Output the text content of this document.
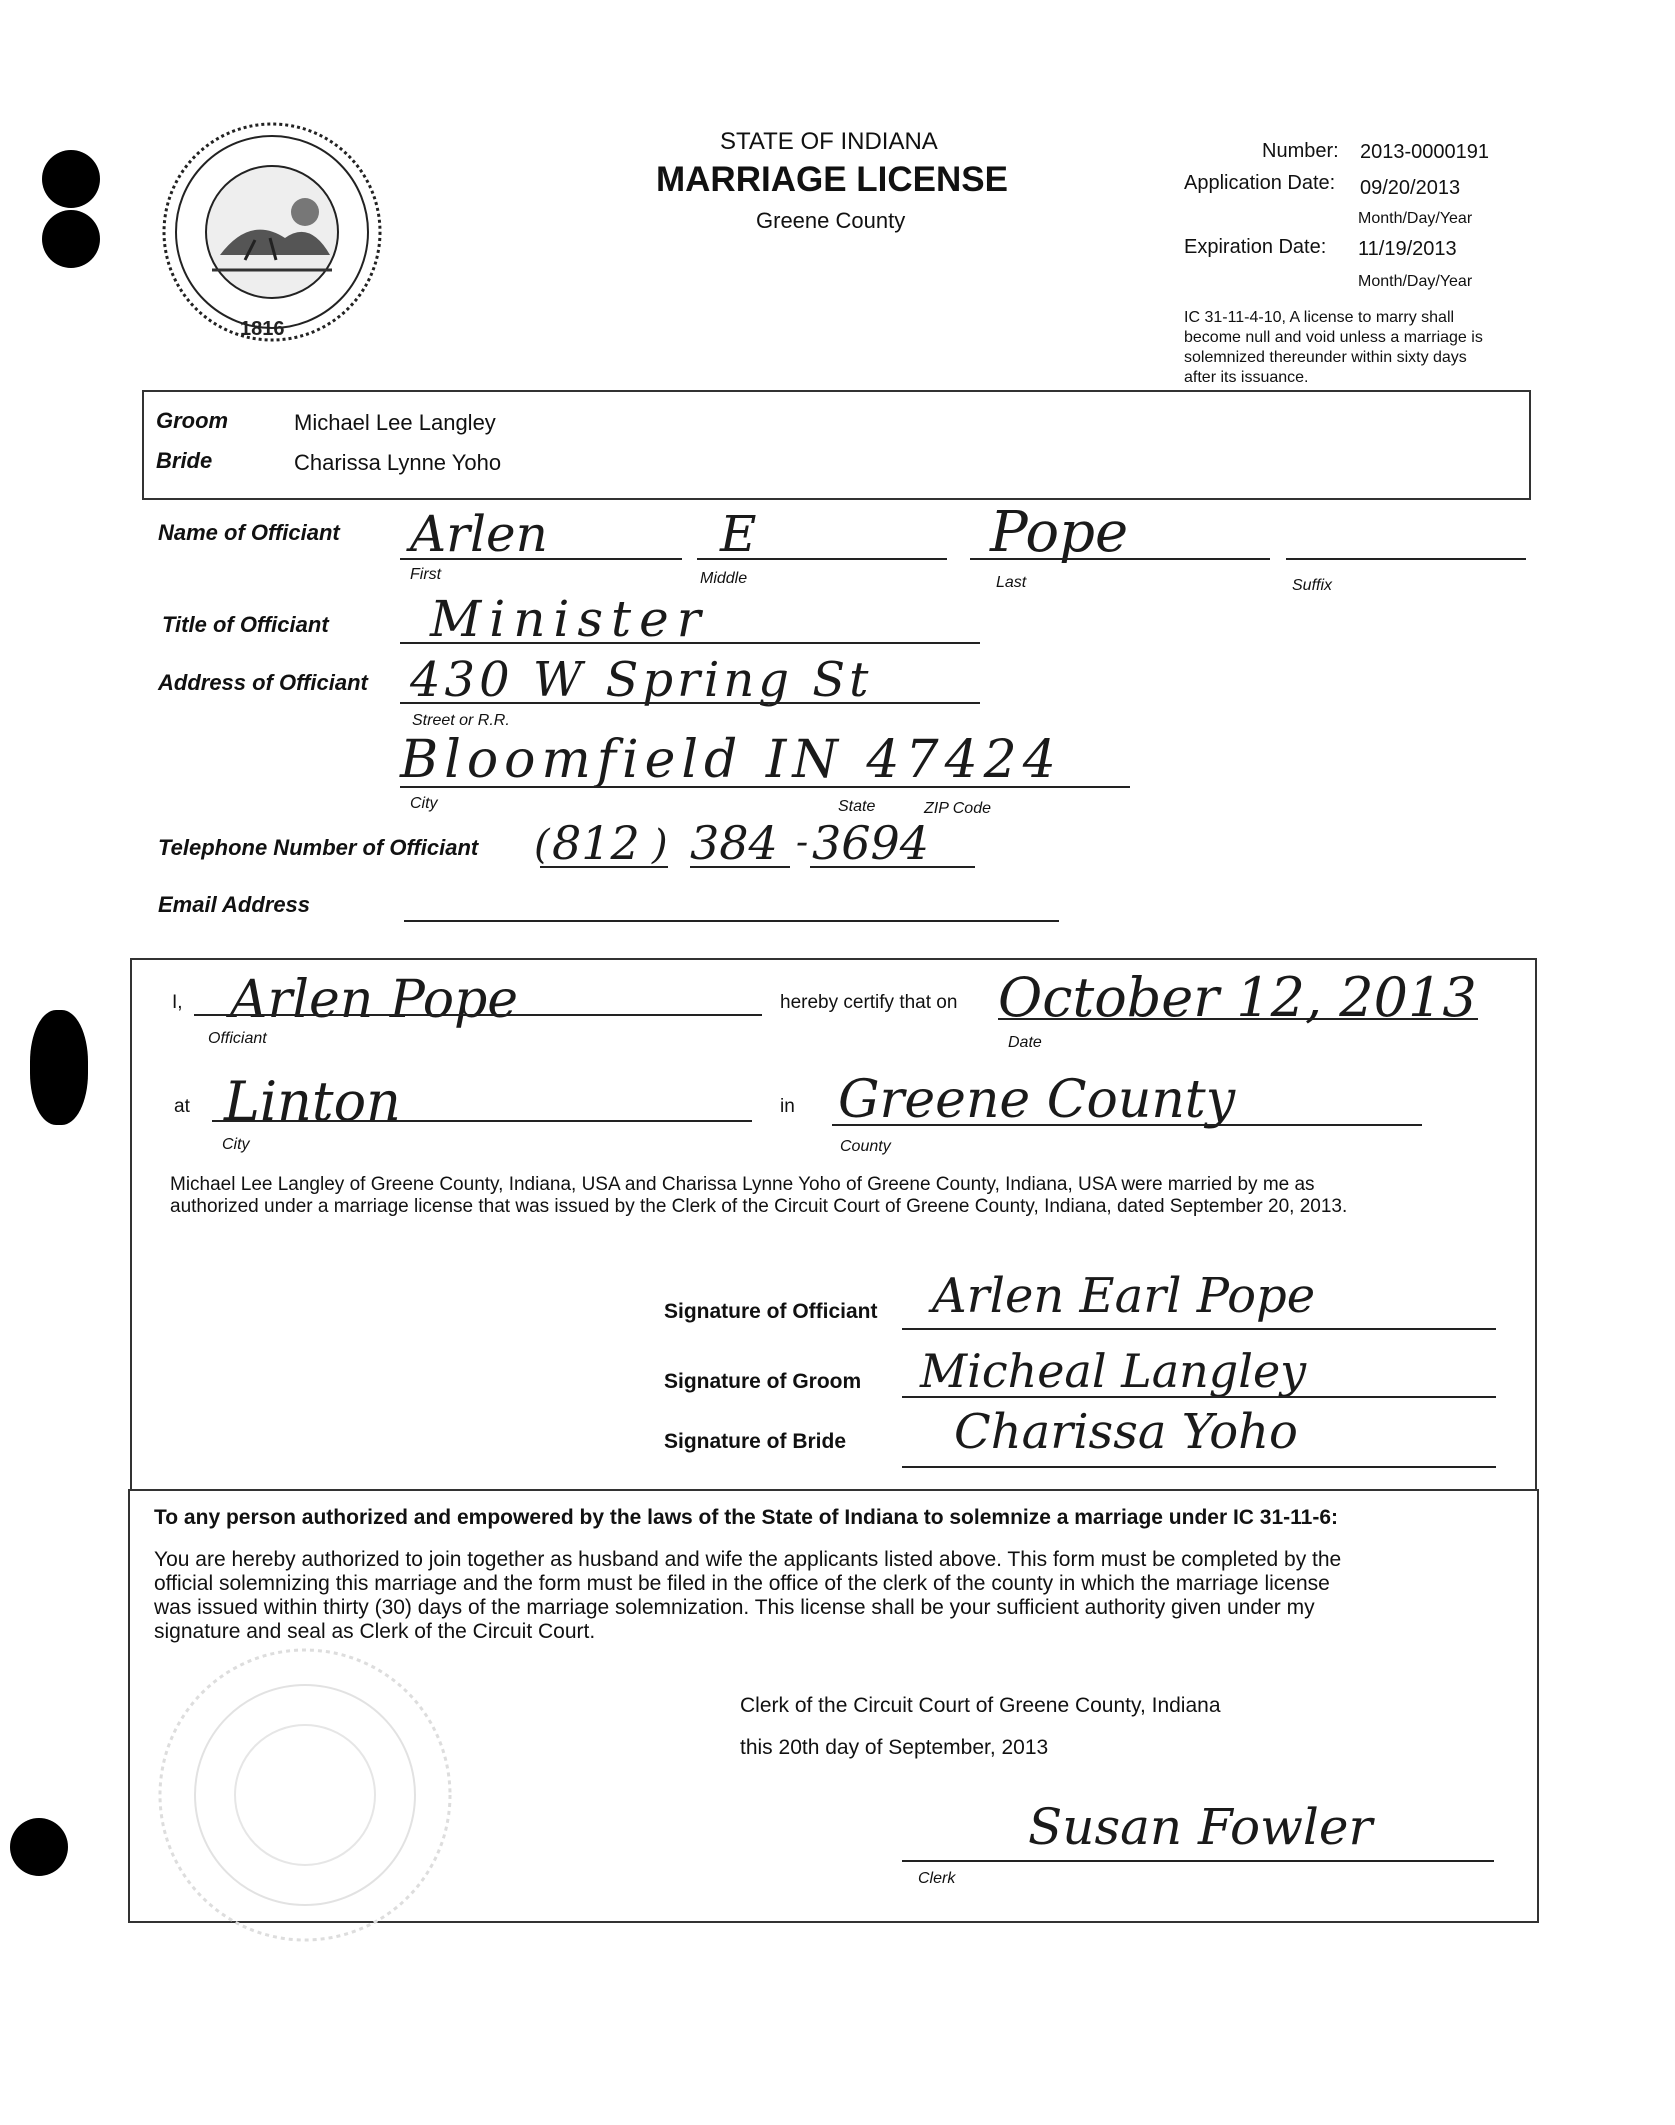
1816
STATE OF INDIANA
MARRIAGE LICENSE
Greene County
Number: 2013-0000191
Application Date: 09/20/2013
Month/Day/Year
Expiration Date: 11/19/2013
Month/Day/Year
IC 31-11-4-10, A license to marry shall become null and void unless a marriage is solemnized thereunder within sixty days after its issuance.
Groom	Michael Lee Langley
Bride	Charissa Lynne Yoho
Name of Officiant Arlen	E	Pope
First	Middle	Last	Suffix
Title of Officiant Minister
Address of Officiant 430 W Spring St
Street or R.R.
Bloomfield IN 47424
City	State	ZIP Code
Telephone Number of Officiant ( 812 ) 384 - 3694
Email Address
I, Arlen Pope
Officiant
hereby certify that on October 12, 2013
Date
at Linton
City
in Greene County
County
Michael Lee Langley of Greene County, Indiana, USA and Charissa Lynne Yoho of Greene County, Indiana, USA were married by me as
authorized under a marriage license that was issued by the Clerk of the Circuit Court of Greene County, Indiana, dated September 20, 2013.
Signature of Officiant Arlen Earl Pope
Signature of Groom Micheal Langley
Signature of Bride Charissa Yoho
To any person authorized and empowered by the laws of the State of Indiana to solemnize a marriage under IC 31-11-6:
You are hereby authorized to join together as husband and wife the applicants listed above. This form must be completed by the
official solemnizing this marriage and the form must be filed in the office of the clerk of the county in which the marriage license
was issued within thirty (30) days of the marriage solemnization. This license shall be your sufficient authority given under my
signature and seal as Clerk of the Circuit Court.
Clerk of the Circuit Court of Greene County, Indiana
this 20th day of September, 2013
Susan Fowler
Clerk
